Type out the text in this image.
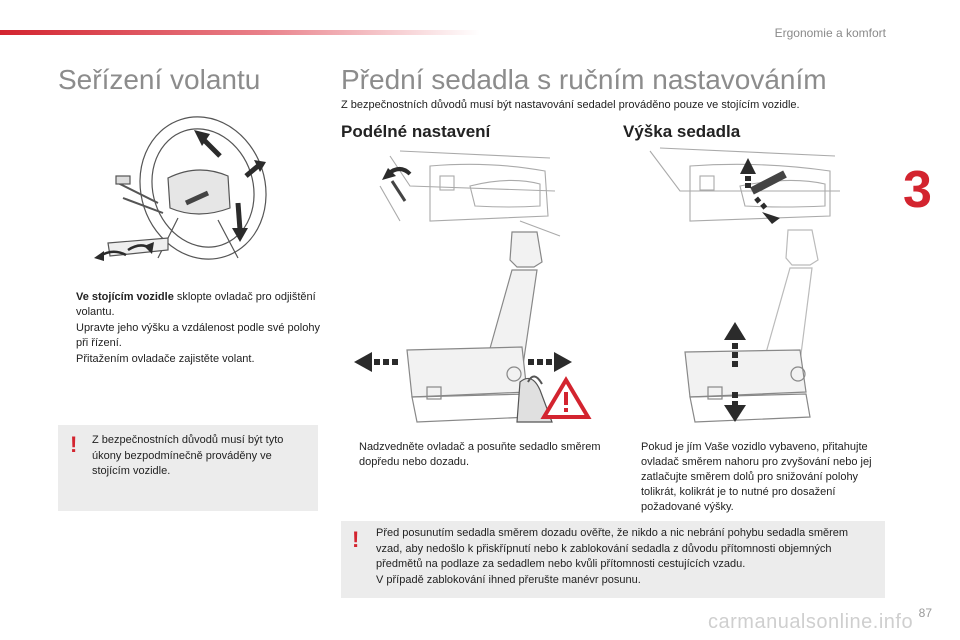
Ergonomie a komfort
3
Seřízení volantu
Ve stojícím vozidle sklopte ovladač pro odjištění volantu.
Upravte jeho výšku a vzdálenost podle své polohy při řízení.
Přitažením ovladače zajistěte volant.
! Z bezpečnostních důvodů musí být tyto úkony bezpodmínečně prováděny ve stojícím vozidle.
Přední sedadla s ručním nastavováním
Z bezpečnostních důvodů musí být nastavování sedadel prováděno pouze ve stojícím vozidle.
Podélné nastavení	Výška sedadla
Nadzvedněte ovladač a posuňte sedadlo směrem dopředu nebo dozadu.
Pokud je jím Vaše vozidlo vybaveno, přitahujte ovladač směrem nahoru pro zvyšování nebo jej zatlačujte směrem dolů pro snižování polohy tolikrát, kolikrát je to nutné pro dosažení požadované výšky.
! Před posunutím sedadla směrem dozadu ověřte, že nikdo a nic nebrání pohybu sedadla směrem vzad, aby nedošlo k přiskřípnutí nebo k zablokování sedadla z důvodu přítomnosti objemných předmětů na podlaze za sedadlem nebo kvůli přítomnosti cestujících vzadu.
V případě zablokování ihned přerušte manévr posunu.
carmanualsonline.info 87
